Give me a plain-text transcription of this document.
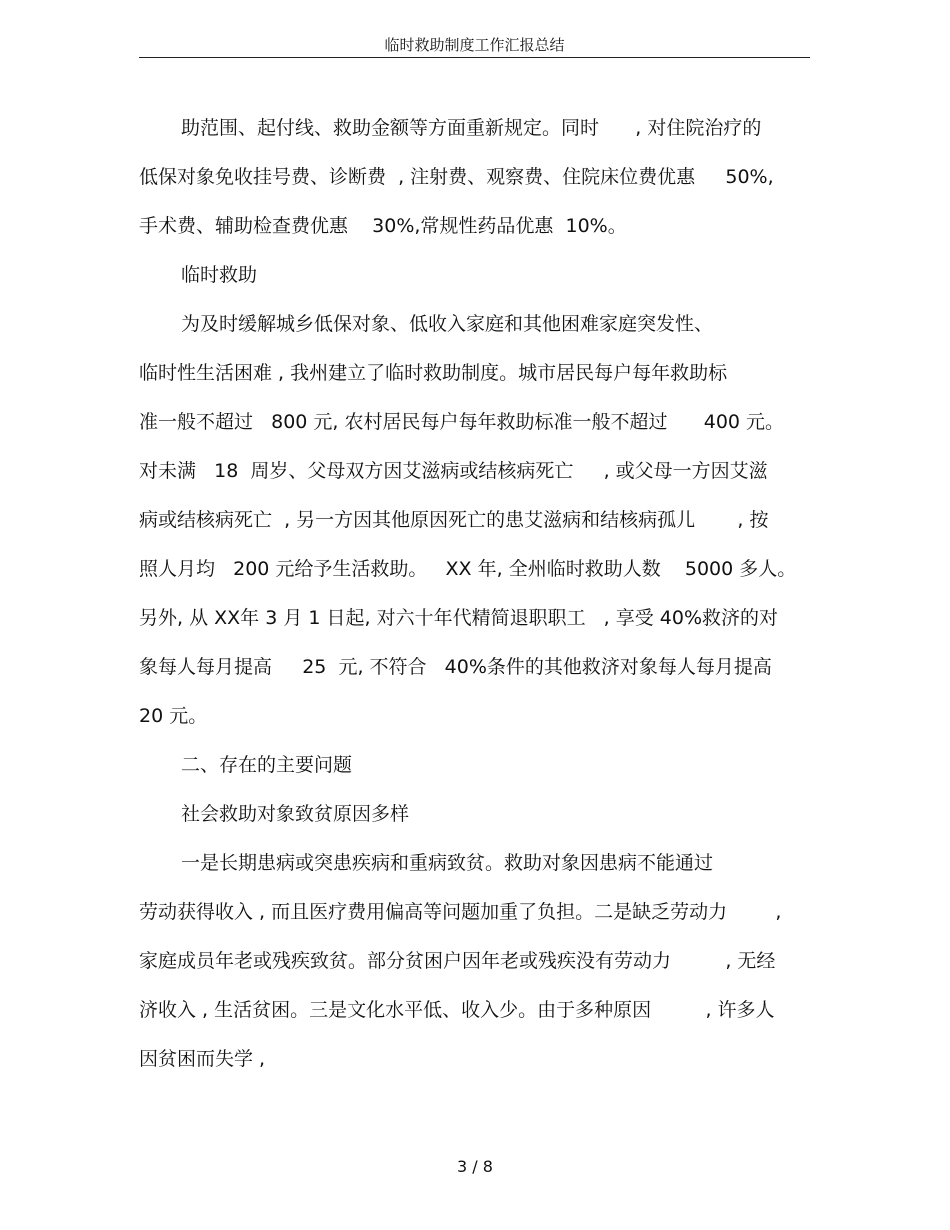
临时救助制度工作汇报总结
助范围、起付线、救助金额等方面重新规定。同时      , 对住院治疗的
低保对象免收挂号费、诊断费  , 注射费、观察费、住院床位费优惠     50%,
手术费、辅助检查费优惠    30%,常规性药品优惠  10%。
临时救助
为及时缓解城乡低保对象、低收入家庭和其他困难家庭突发性、
临时性生活困难 , 我州建立了临时救助制度。城市居民每户每年救助标
准一般不超过   800 元, 农村居民每户每年救助标准一般不超过      400 元。
对未满   18  周岁、父母双方因艾滋病或结核病死亡     , 或父母一方因艾滋
病或结核病死亡  , 另一方因其他原因死亡的患艾滋病和结核病孤儿       , 按
照人月均   200 元给予生活救助。   XX 年, 全州临时救助人数    5000 多人。
另外, 从 XX年 3 月 1 日起, 对六十年代精简退职职工   , 享受 40%救济的对
象每人每月提高     25  元, 不符合   40%条件的其他救济对象每人每月提高
20 元。
二、存在的主要问题
社会救助对象致贫原因多样
一是长期患病或突患疾病和重病致贫。救助对象因患病不能通过
劳动获得收入 , 而且医疗费用偏高等问题加重了负担。二是缺乏劳动力        ,
家庭成员年老或残疾致贫。部分贫困户因年老或残疾没有劳动力         , 无经
济收入 , 生活贫困。三是文化水平低、收入少。由于多种原因         , 许多人
因贫困而失学 ,
3 / 8
